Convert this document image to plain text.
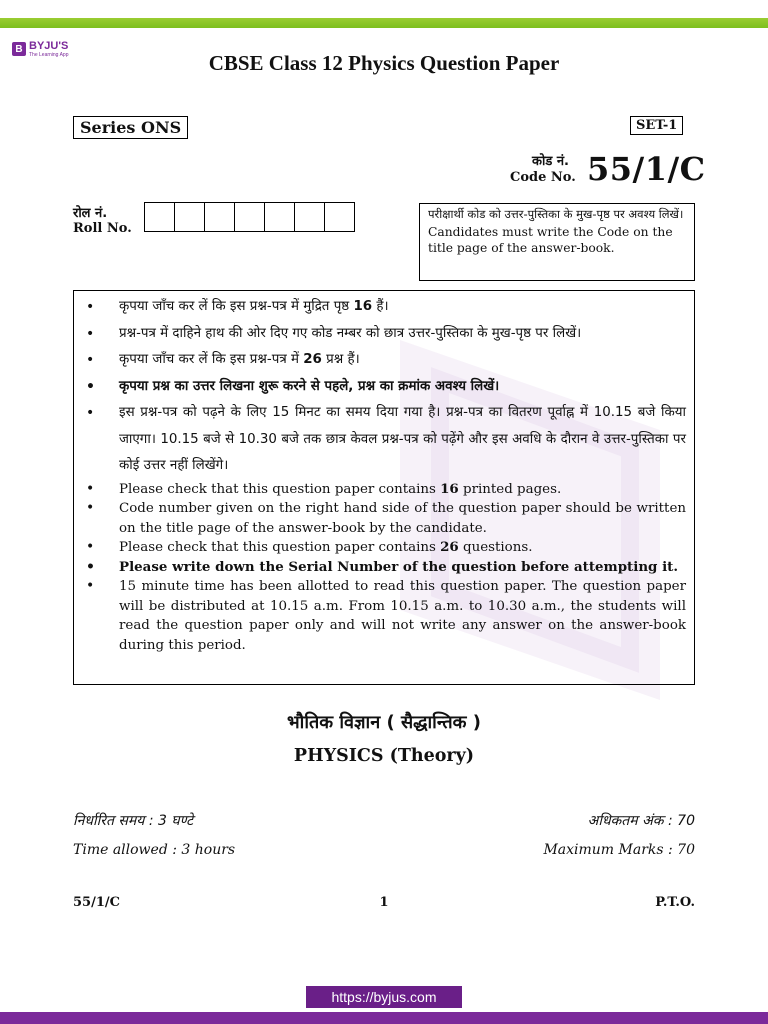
B BYJU'S
The Learning App	CBSE Class 12 Physics Question Paper
Series ONS	SET-1
कोड नं.
Code No. 55/1/C
रोल नं.
Roll No.
परीक्षार्थी कोड को उत्तर-पुस्तिका के मुख-पृष्ठ पर अवश्य लिखें।
Candidates must write the Code on the title page of the answer-book.
• कृपया जाँच कर लें कि इस प्रश्न-पत्र में मुद्रित पृष्ठ 16 हैं।
• प्रश्न-पत्र में दाहिने हाथ की ओर दिए गए कोड नम्बर को छात्र उत्तर-पुस्तिका के मुख-पृष्ठ पर लिखें।
• कृपया जाँच कर लें कि इस प्रश्न-पत्र में 26 प्रश्न हैं।
• कृपया प्रश्न का उत्तर लिखना शुरू करने से पहले, प्रश्न का क्रमांक अवश्य लिखें।
• इस प्रश्न-पत्र को पढ़ने के लिए 15 मिनट का समय दिया गया है। प्रश्न-पत्र का वितरण पूर्वाह्न में 10.15 बजे किया जाएगा। 10.15 बजे से 10.30 बजे तक छात्र केवल प्रश्न-पत्र को पढ़ेंगे और इस अवधि के दौरान वे उत्तर-पुस्तिका पर कोई उत्तर नहीं लिखेंगे।
• Please check that this question paper contains 16 printed pages.
• Code number given on the right hand side of the question paper should be written on the title page of the answer-book by the candidate.
• Please check that this question paper contains 26 questions.
• Please write down the Serial Number of the question before attempting it.
• 15 minute time has been allotted to read this question paper. The question paper will be distributed at 10.15 a.m. From 10.15 a.m. to 10.30 a.m., the students will read the question paper only and will not write any answer on the answer-book during this period.
भौतिक विज्ञान ( सैद्धान्तिक )
PHYSICS (Theory)
निर्धारित समय : 3 घण्टे
Time allowed : 3 hours
अधिकतम अंक : 70
Maximum Marks : 70
55/1/C	1	P.T.O.
https://byjus.com
